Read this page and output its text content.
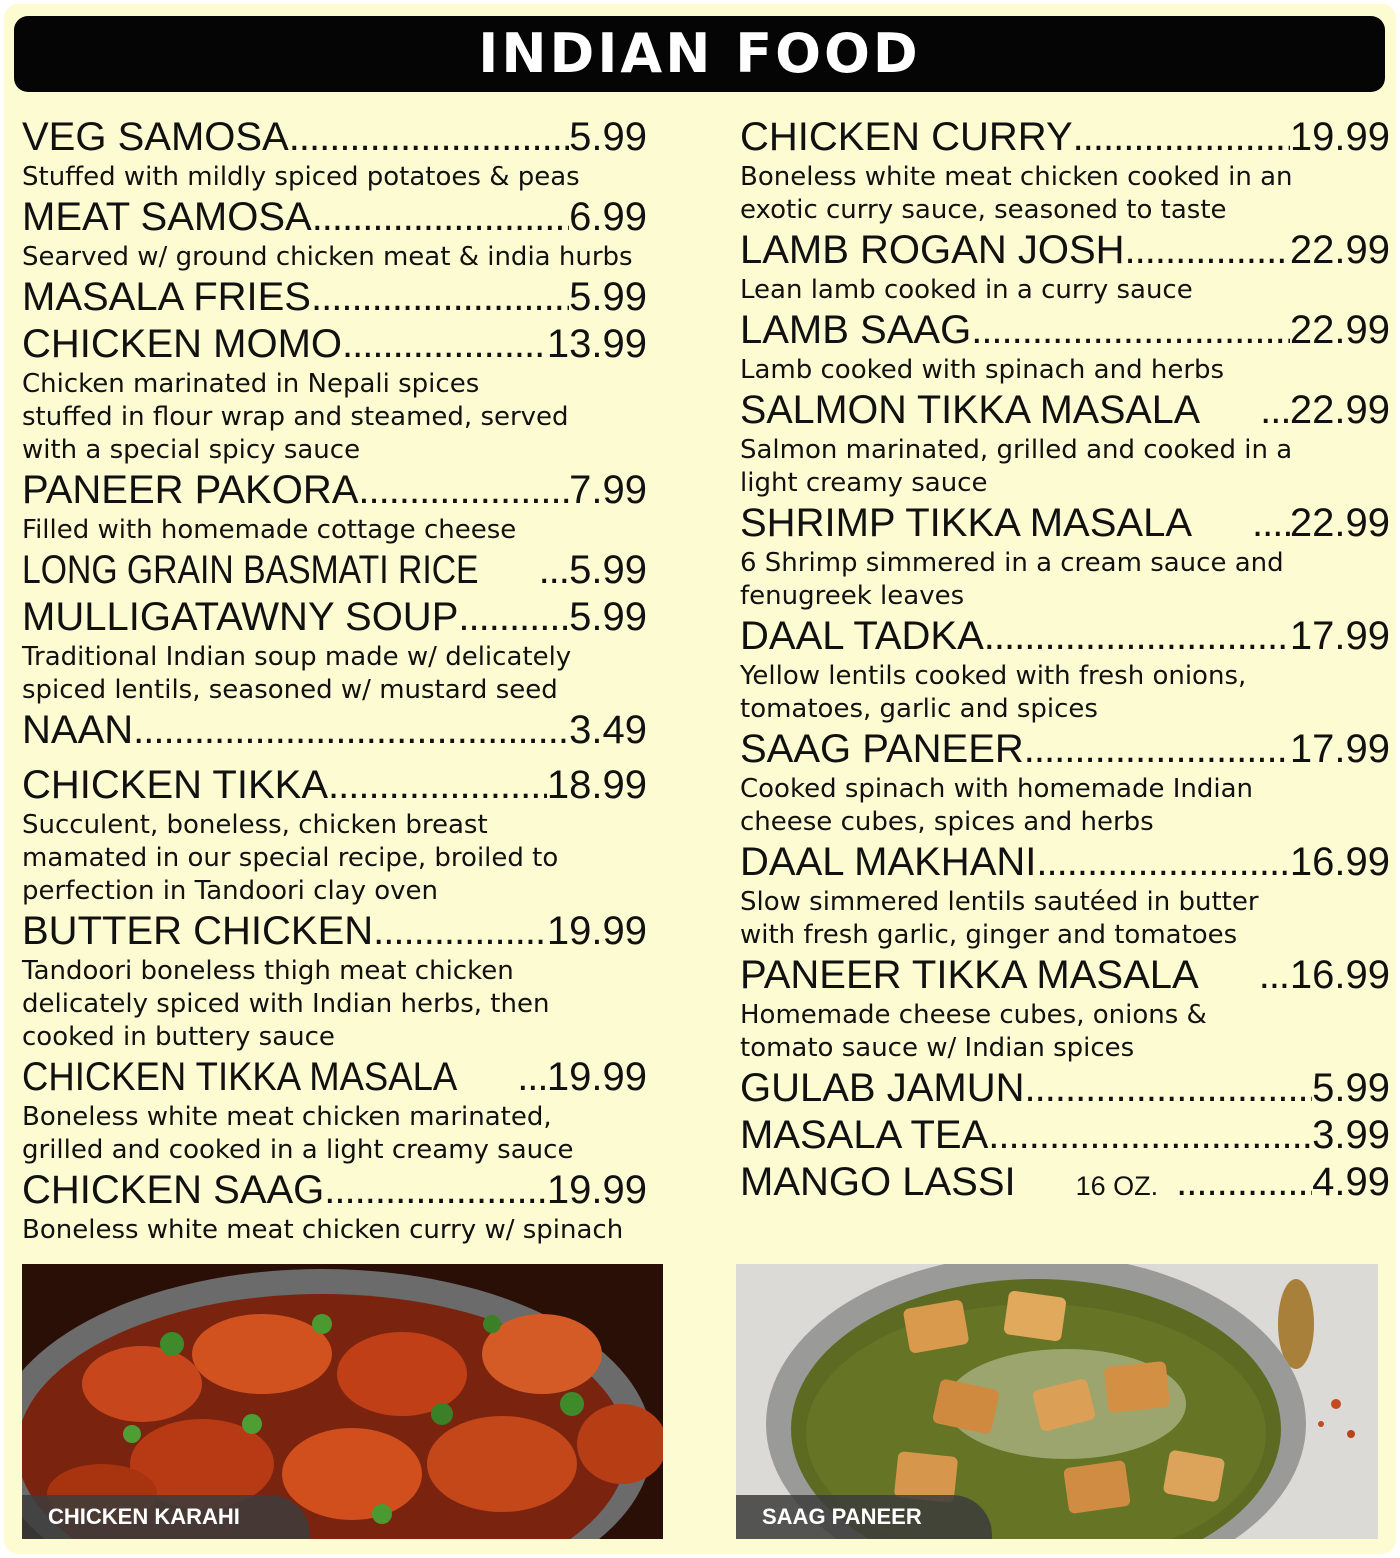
INDIAN FOOD
VEG SAMOSA .....	5.99

Stuffed with mildly spiced potatoes & peas

MEAT SAMOSA .....	6.99

Searved w/ ground chicken meat & india hurbs

MASALA FRIES .....	5.99
CHICKEN MOMO .....	13.99

Chicken marinated in Nepali spices

stuffed in flour wrap and steamed, served

with a special spicy sauce

PANEER PAKORA .....	7.99

Filled with homemade cottage cheese

LONG GRAIN BASMATI RICE ..... 5.99
MULLIGATAWNY SOUP .....	5.99

Traditional Indian soup made w/ delicately

spiced lentils, seasoned w/ mustard seed

NAAN .....	3.49
CHICKEN TIKKA .....	18.99

Succulent, boneless, chicken breast

mamated in our special recipe, broiled to

perfection in Tandoori clay oven

BUTTER CHICKEN .....	19.99

Tandoori boneless thigh meat chicken

delicately spiced with Indian herbs, then

cooked in buttery sauce

CHICKEN TIKKA MASALA ..... 19.99

Boneless white meat chicken marinated,

grilled and cooked in a light creamy sauce

CHICKEN SAAG .....	19.99

Boneless white meat chicken curry w/ spinach

CHICKEN CURRY .....	19.99

Boneless white meat chicken cooked in an

exotic curry sauce, seasoned to taste

LAMB ROGAN JOSH .....	22.99

Lean lamb cooked in a curry sauce

LAMB SAAG .....	22.99

Lamb cooked with spinach and herbs

SALMON TIKKA MASALA ..... 22.99

Salmon marinated, grilled and cooked in a

light creamy sauce

SHRIMP TIKKA MASALA ..... 22.99

6 Shrimp simmered in a cream sauce and

fenugreek leaves

DAAL TADKA .....	17.99

Yellow lentils cooked with fresh onions,

tomatoes, garlic and spices

SAAG PANEER .....	17.99

Cooked spinach with homemade Indian

cheese cubes, spices and herbs

DAAL MAKHANI .....	16.99

Slow simmered lentils sautéed in butter

with fresh garlic, ginger and tomatoes

PANEER TIKKA MASALA ..... 16.99

Homemade cheese cubes, onions &

tomato sauce w/ Indian spices

GULAB JAMUN .....	5.99
MASALA TEA .....	3.99
MANGO LASSI 16 OZ. .....	4.99
CHICKEN KARAHI	SAAG PANEER
